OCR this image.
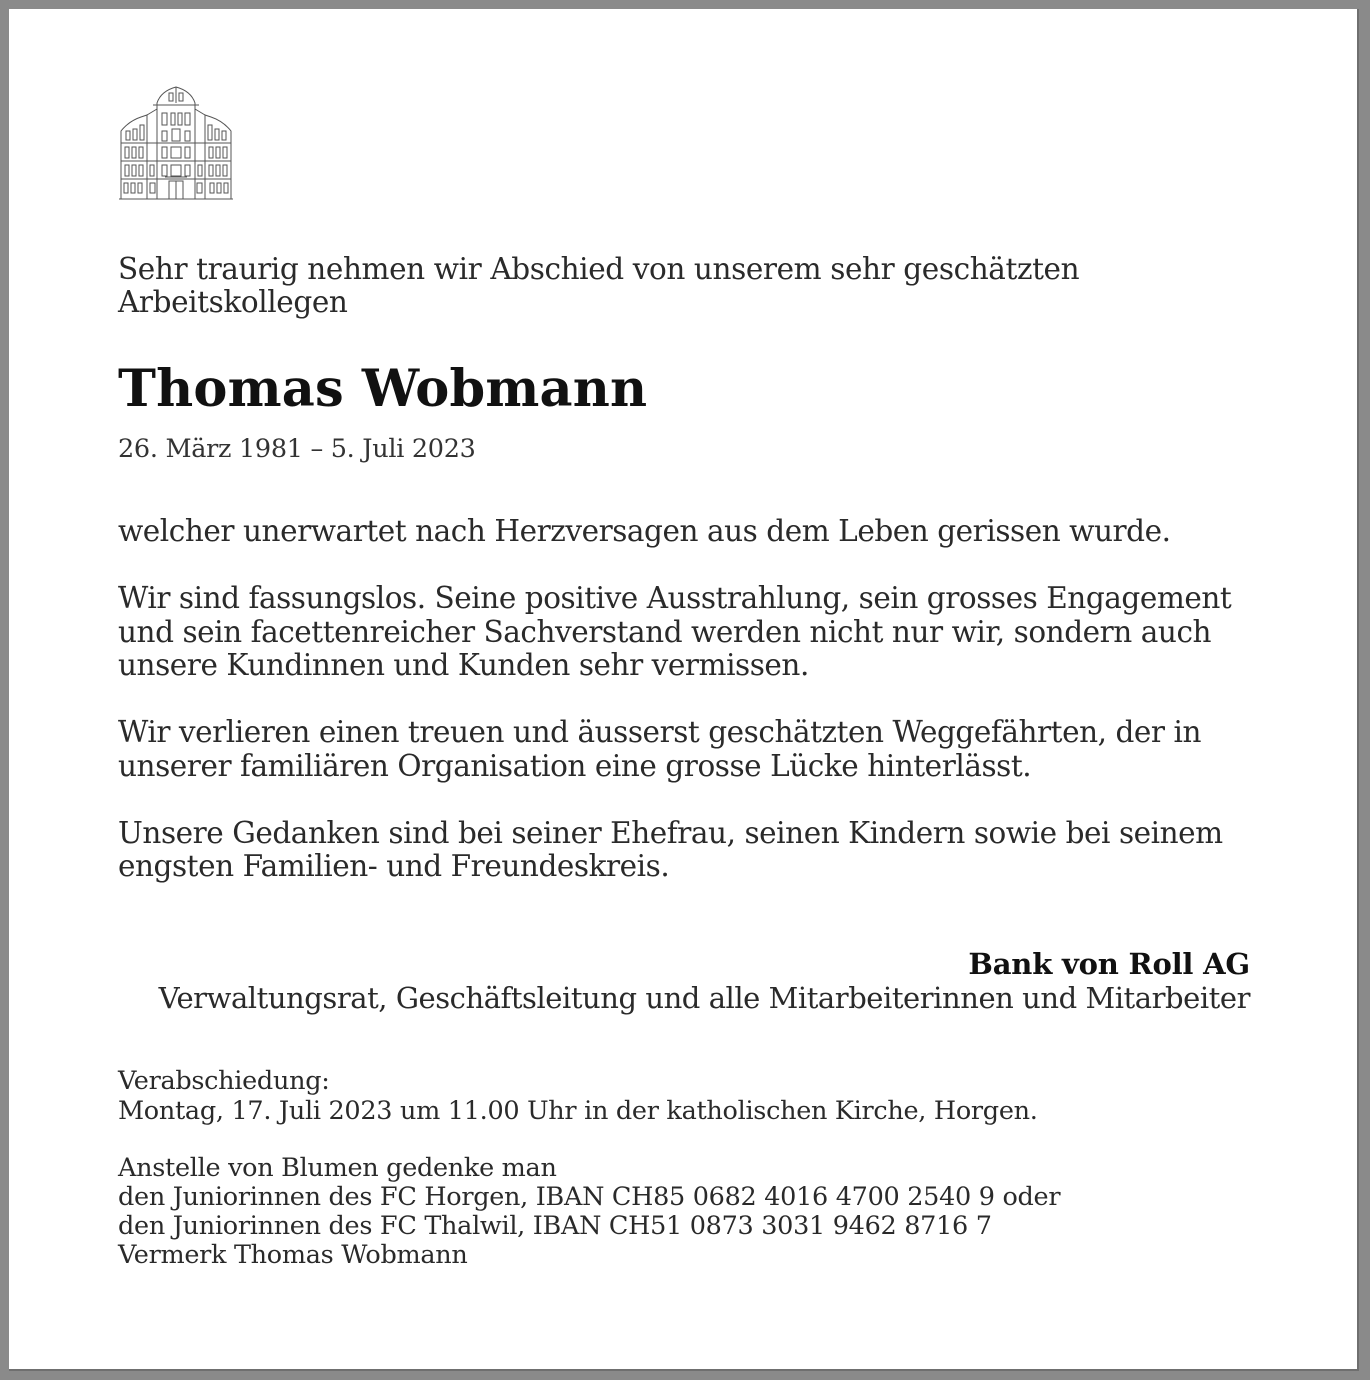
Sehr traurig nehmen wir Abschied von unserem sehr geschätzten
Arbeitskollegen
Thomas Wobmann
26. März 1981 – 5. Juli 2023

welcher unerwartet nach Herzversagen aus dem Leben gerissen wurde.

Wir sind fassungslos. Seine positive Ausstrahlung, sein grosses Engagement
und sein facettenreicher Sachverstand werden nicht nur wir, sondern auch
unsere Kundinnen und Kunden sehr vermissen.

Wir verlieren einen treuen und äusserst geschätzten Weggefährten, der in
unserer familiären Organisation eine grosse Lücke hinterlässt.

Unsere Gedanken sind bei seiner Ehefrau, seinen Kindern sowie bei seinem
engsten Familien- und Freundeskreis.

Bank von Roll AG
Verwaltungsrat, Geschäftsleitung und alle Mitarbeiterinnen und Mitarbeiter
Verabschiedung:
Montag, 17. Juli 2023 um 11.00 Uhr in der katholischen Kirche, Horgen.
Anstelle von Blumen gedenke man
den Juniorinnen des FC Horgen, IBAN CH85 0682 4016 4700 2540 9 oder
den Juniorinnen des FC Thalwil, IBAN CH51 0873 3031 9462 8716 7
Vermerk Thomas Wobmann
